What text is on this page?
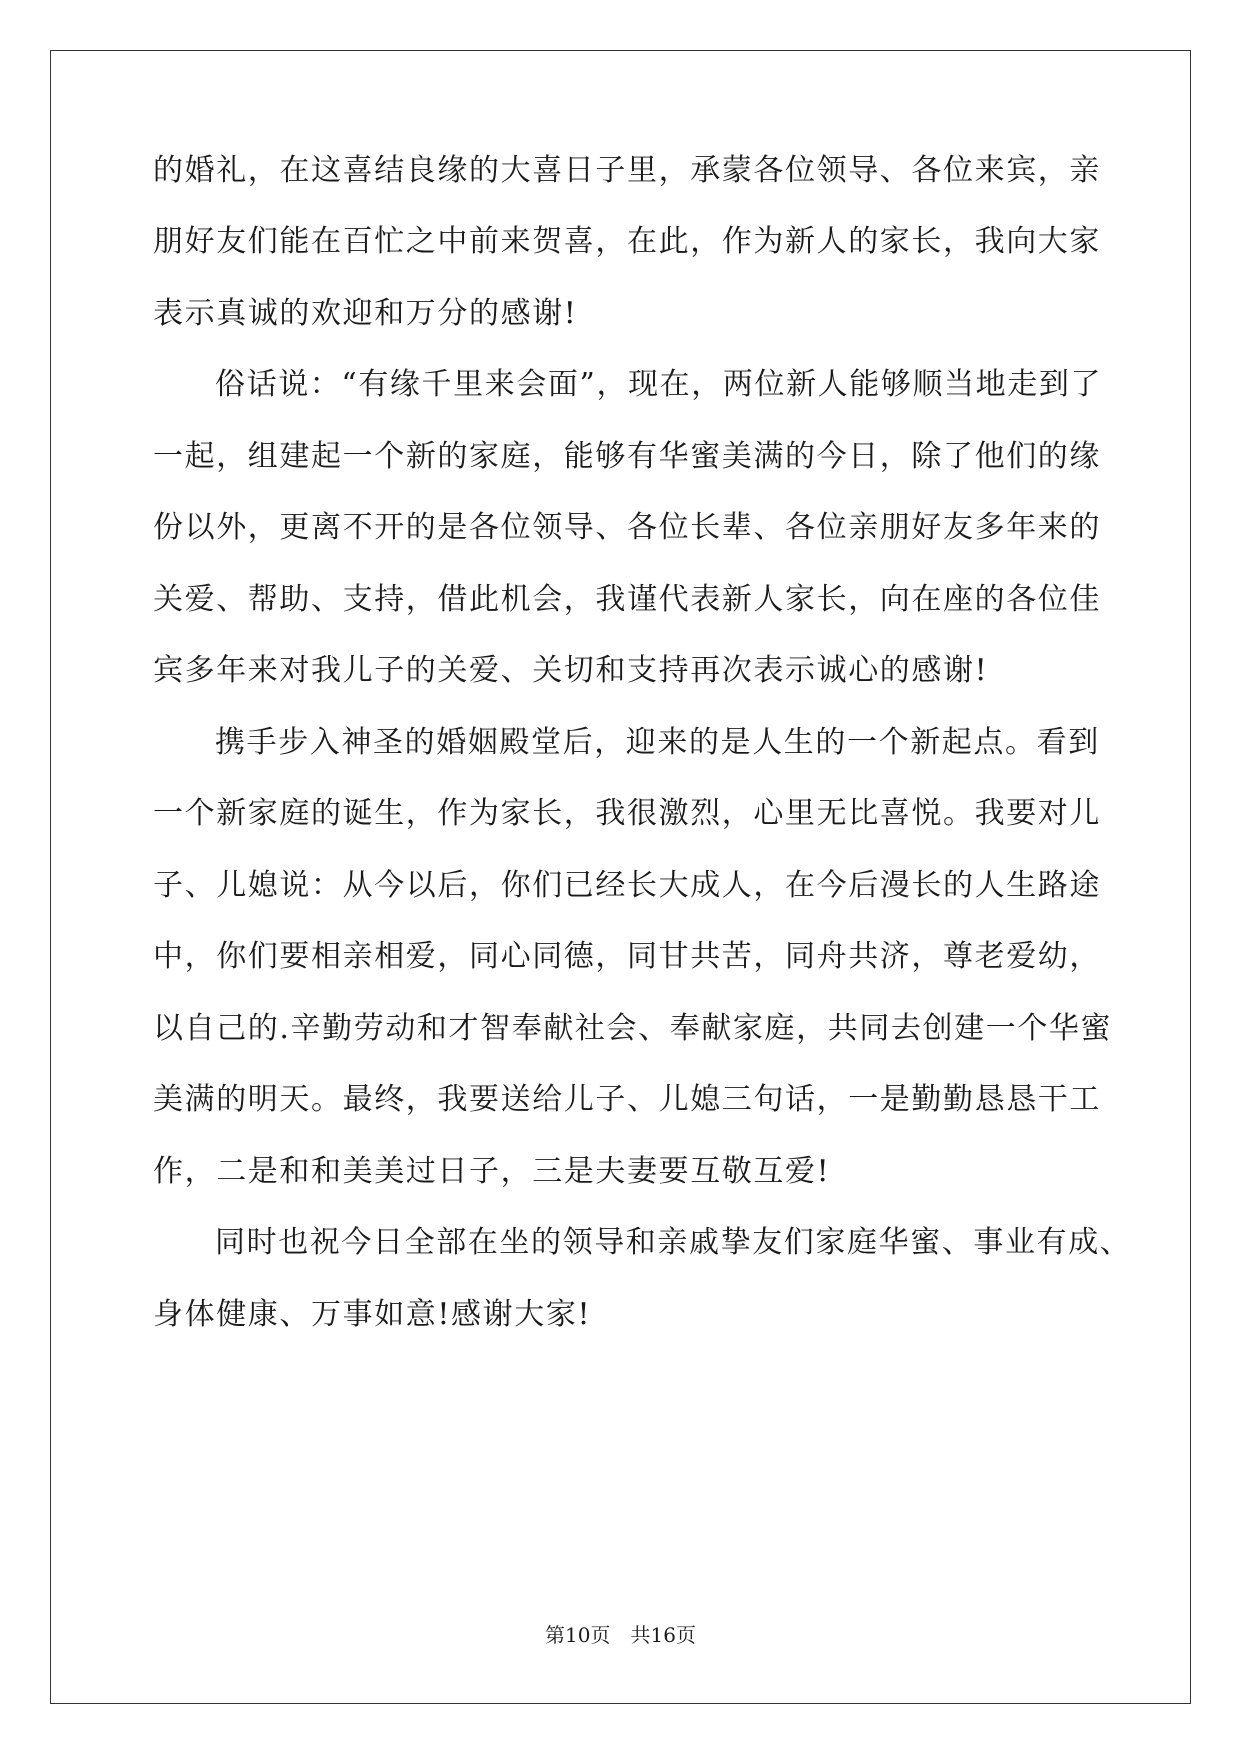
的婚礼，在这喜结良缘的大喜日子里，承蒙各位领导、各位来宾，亲
朋好友们能在百忙之中前来贺喜，在此，作为新人的家长，我向大家
表示真诚的欢迎和万分的感谢!
俗话说：“有缘千里来会面”，现在，两位新人能够顺当地走到了
一起，组建起一个新的家庭，能够有华蜜美满的今日，除了他们的缘
份以外，更离不开的是各位领导、各位长辈、各位亲朋好友多年来的
关爱、帮助、支持，借此机会，我谨代表新人家长，向在座的各位佳
宾多年来对我儿子的关爱、关切和支持再次表示诚心的感谢!
携手步入神圣的婚姻殿堂后，迎来的是人生的一个新起点。看到
一个新家庭的诞生，作为家长，我很激烈，心里无比喜悦。我要对儿
子、儿媳说：从今以后，你们已经长大成人，在今后漫长的人生路途
中，你们要相亲相爱，同心同德，同甘共苦，同舟共济，尊老爱幼，
以自己的.辛勤劳动和才智奉献社会、奉献家庭，共同去创建一个华蜜
美满的明天。最终，我要送给儿子、儿媳三句话，一是勤勤恳恳干工
作，二是和和美美过日子，三是夫妻要互敬互爱!
同时也祝今日全部在坐的领导和亲戚挚友们家庭华蜜、事业有成、
身体健康、万事如意!感谢大家!
第10页 共16页
